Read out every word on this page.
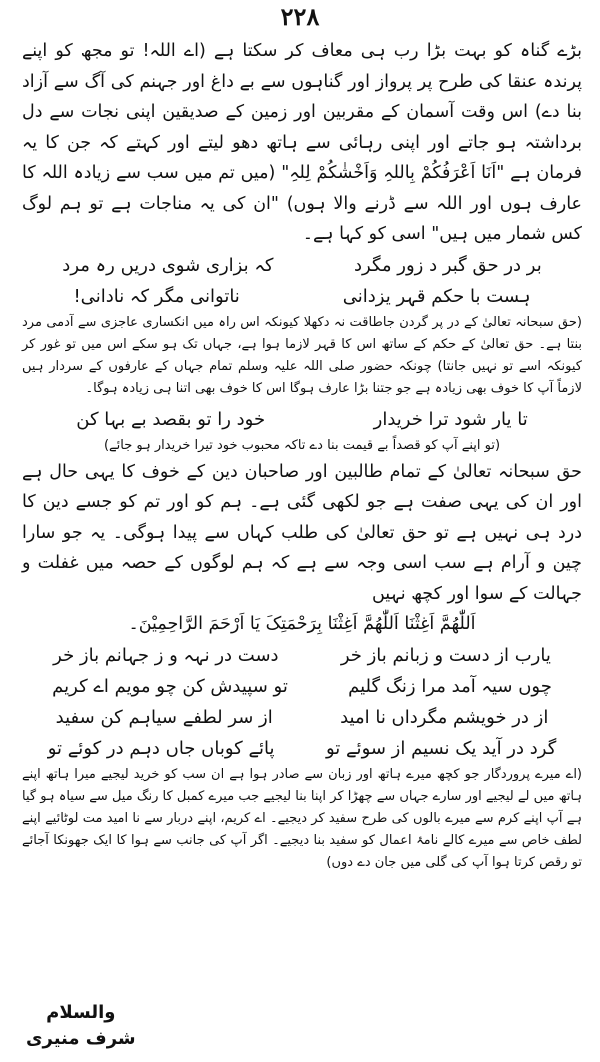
۲۲۸

بڑے گناہ کو بہت بڑا رب ہی معاف کر سکتا ہے (اے اللہ! تو مجھ کو اپنے پرندہ عنقا کی طرح پر پرواز اور گناہوں سے بے داغ اور جہنم کی آگ سے آزاد بنا دے) اس وقت آسمان کے مقربین اور زمین کے صدیقین اپنی نجات سے دل برداشتہ ہو جاتے اور اپنی رہائی سے ہاتھ دھو لیتے اور کہتے کہ جن کا یہ فرمان ہے "اَنَا اَعْرَفُکُمْ بِاللہِ وَاَخْشٰکُمْ لِلہِ" (میں تم میں سب سے زیادہ اللہ کا عارف ہوں اور اللہ سے ڈرنے والا ہوں) "ان کی یہ مناجات ہے تو ہم لوگ کس شمار میں ہیں" اسی کو کہا ہے۔

بر در حق گبر د زور مگرد
کہ بزاری شوی دریں رہ مرد
ہست با حکم قہر یزدانی
ناتوانی مگر کہ نادانی!

(حق سبحانہ تعالیٰ کے در پر گردن جاطاقت نہ دکھلا کیونکہ اس راہ میں انکساری عاجزی سے آدمی مرد بنتا ہے۔ حق تعالیٰ کے حکم کے ساتھ اس کا قہر لازما ہوا ہے، جہاں تک ہو سکے اس میں تو غور کر کیونکہ اسے تو نہیں جانتا) چونکہ حضور صلی اللہ علیہ وسلم تمام جہاں کے عارفوں کے سردار ہیں لازماً آپ کا خوف بھی زیادہ ہے جو جتنا بڑا عارف ہوگا اس کا خوف بھی اتنا ہی زیادہ ہوگا۔

تا یار شود ترا خریدار
خود را تو بقصد بے بہا کن

(تو اپنے آپ کو قصداً بے قیمت بنا دے تاکہ محبوب خود تیرا خریدار ہو جائے)

حق سبحانہ تعالیٰ کے تمام طالبین اور صاحبان دین کے خوف کا یہی حال ہے اور ان کی یہی صفت ہے جو لکھی گئی ہے۔ ہم کو اور تم کو جسے دین کا درد ہی نہیں ہے تو حق تعالیٰ کی طلب کہاں سے پیدا ہوگی۔ یہ جو سارا چین و آرام ہے سب اسی وجہ سے ہے کہ ہم لوگوں کے حصہ میں غفلت و جہالت کے سوا اور کچھ نہیں

اَللّٰھُمَّ اَغِثْنَا اَللّٰھُمَّ اَغِثْنَا بِرَحْمَتِکَ یَا اَرْحَمَ الرَّاحِمِیْنَ۔

یارب از دست و زبانم باز خر
دست در نہہ و ز جہانم باز خر
چوں سیہ آمد مرا زنگ گلیم
تو سپیدش کن چو مویم اے کریم
از در خویشم مگرداں نا امید
از سر لطفے سیاہم کن سفید
گرد در آید یک نسیم از سوئے تو
پائے کوباں جاں دہم در کوئے تو

(اے میرے پروردگار جو کچھ میرے ہاتھ اور زبان سے صادر ہوا ہے ان سب کو خرید لیجیے میرا ہاتھ اپنے ہاتھ میں لے لیجیے اور سارے جہاں سے چھڑا کر اپنا بنا لیجیے جب میرے کمبل کا رنگ میل سے سیاہ ہو گیا ہے آپ اپنے کرم سے میرے بالوں کی طرح سفید کر دیجیے۔ اے کریم، اپنے دربار سے نا امید مت لوٹائیے اپنے لطف خاص سے میرے کالے نامۂ اعمال کو سفید بنا دیجیے۔ اگر آپ کی جانب سے ہوا کا ایک جھونکا آجائے تو رقص کرتا ہوا آپ کی گلی میں جان دے دوں)

والسلام
شرف منیری
